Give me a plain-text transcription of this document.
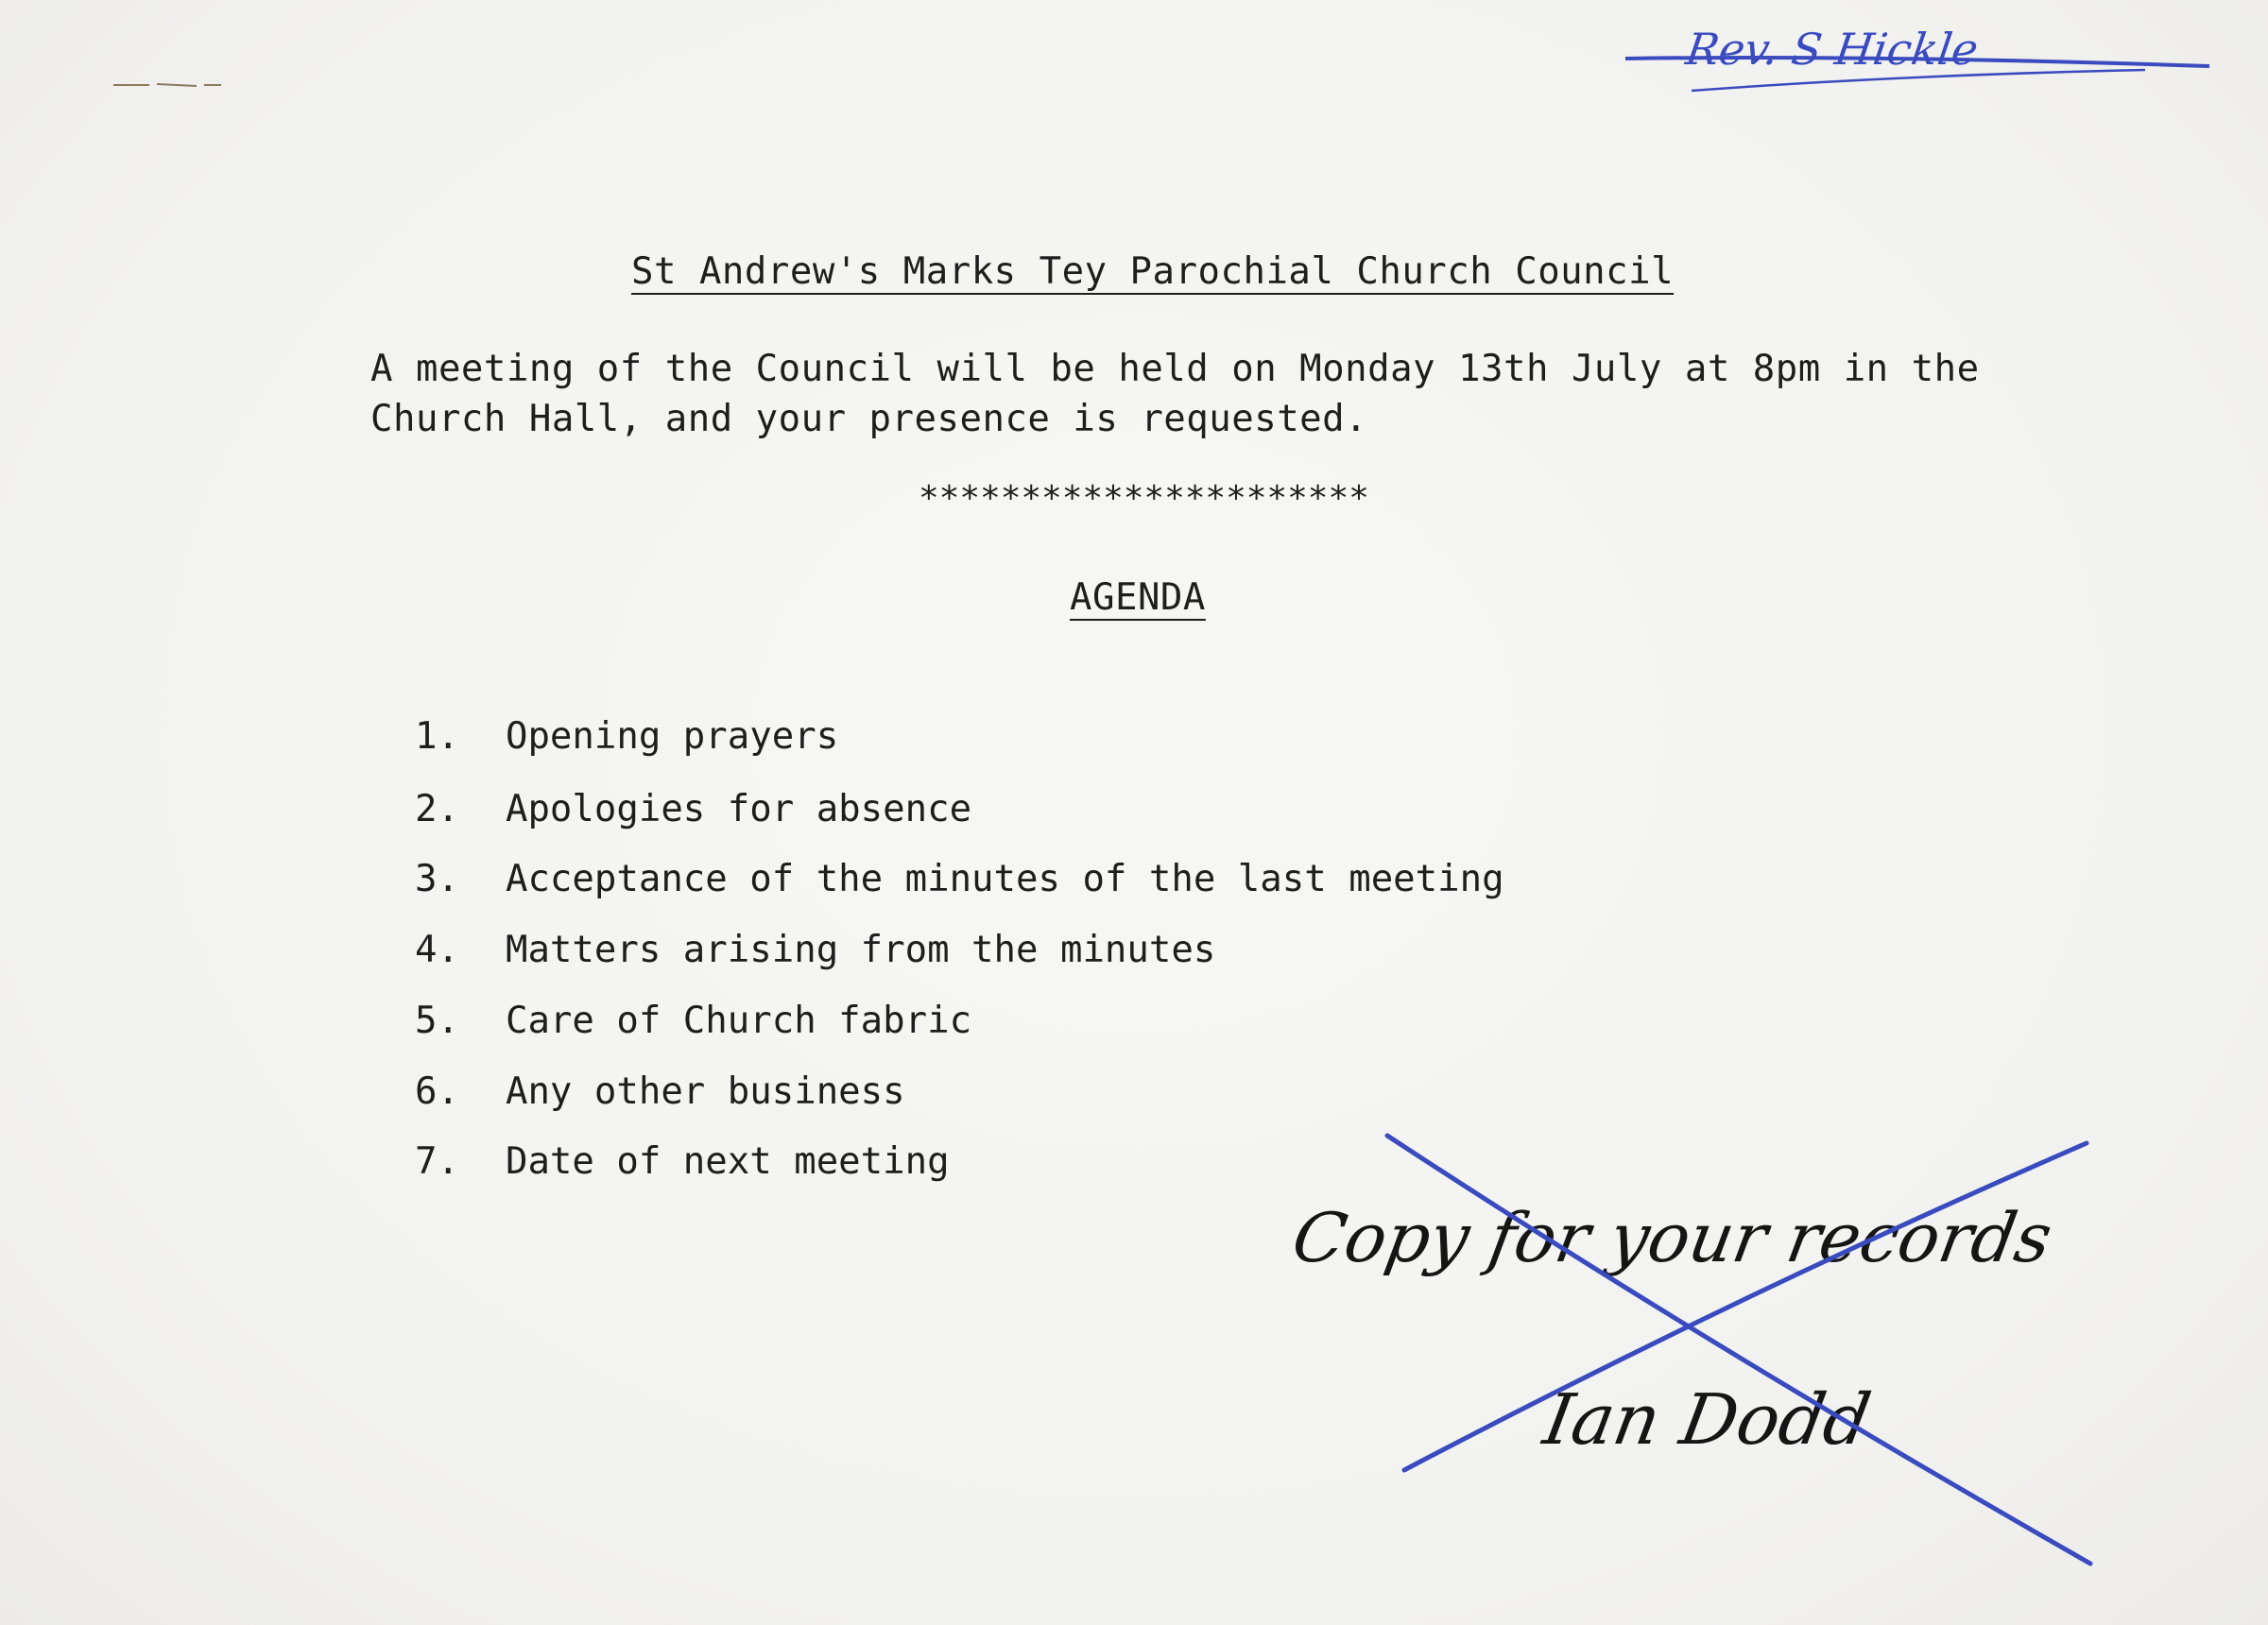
Rev. S Hickle
St Andrew's Marks Tey Parochial Church Council
A meeting of the Council will be held on Monday 13th July at 8pm in the
Church Hall, and your presence is requested.
**********************
AGENDA

1. Opening prayers

2. Apologies for absence

3. Acceptance of the minutes of the last meeting

4. Matters arising from the minutes

5. Care of Church fabric

6. Any other business

7. Date of next meeting

Copy for your records
Ian Dodd
